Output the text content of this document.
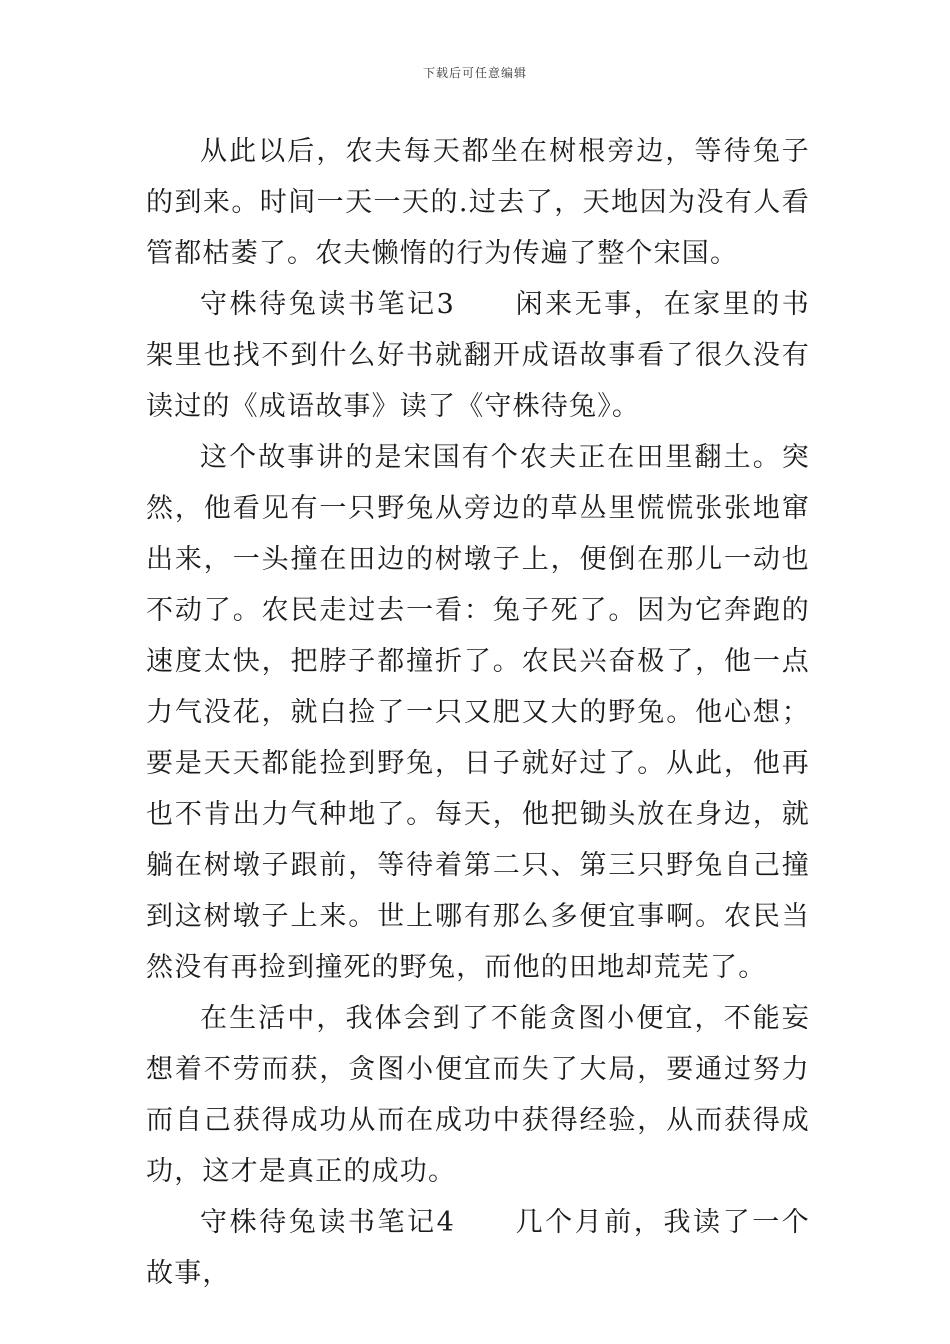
下载后可任意编辑

从此以后，农夫每天都坐在树根旁边，等待兔子的到来。时间一天一天的.过去了，天地因为没有人看管都枯萎了。农夫懒惰的行为传遍了整个宋国。

守株待兔读书笔记3　　闲来无事，在家里的书架里也找不到什么好书就翻开成语故事看了很久没有读过的《成语故事》读了《守株待兔》。

这个故事讲的是宋国有个农夫正在田里翻土。突然，他看见有一只野兔从旁边的草丛里慌慌张张地窜出来，一头撞在田边的树墩子上，便倒在那儿一动也不动了。农民走过去一看：兔子死了。因为它奔跑的速度太快，把脖子都撞折了。农民兴奋极了，他一点力气没花，就白捡了一只又肥又大的野兔。他心想；要是天天都能捡到野兔，日子就好过了。从此，他再也不肯出力气种地了。每天，他把锄头放在身边，就躺在树墩子跟前，等待着第二只、第三只野兔自己撞到这树墩子上来。世上哪有那么多便宜事啊。农民当然没有再捡到撞死的野兔，而他的田地却荒芜了。

在生活中，我体会到了不能贪图小便宜，不能妄想着不劳而获，贪图小便宜而失了大局，要通过努力而自己获得成功从而在成功中获得经验，从而获得成功，这才是真正的成功。

守株待兔读书笔记4　　几个月前，我读了一个故事，
